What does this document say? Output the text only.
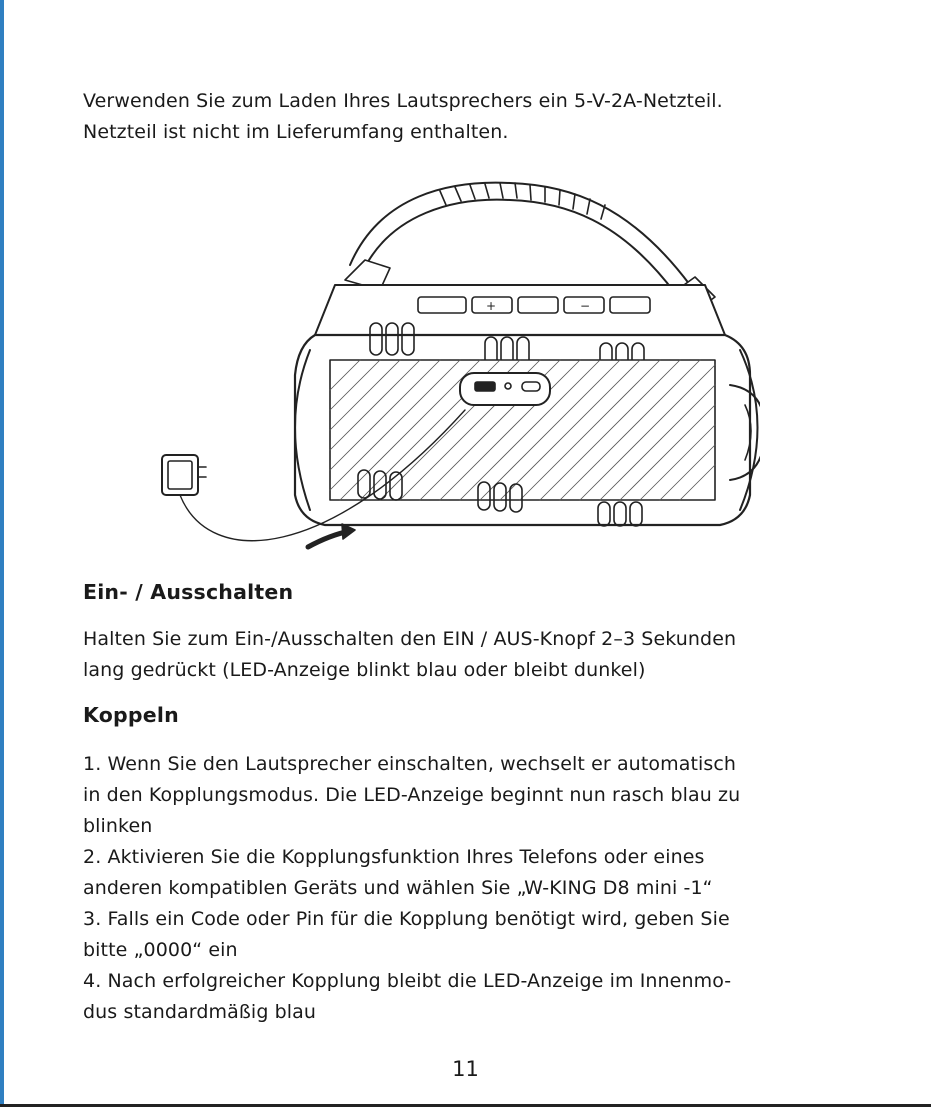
Verwenden Sie zum Laden Ihres Lautsprechers ein 5-V-2A-Netzteil.
Netzteil ist nicht im Lieferumfang enthalten.

+	−
Ein- / Ausschalten

Halten Sie zum Ein-/Ausschalten den EIN / AUS-Knopf 2–3 Sekunden
lang gedrückt (LED-Anzeige blinkt blau oder bleibt dunkel)

Koppeln

1. Wenn Sie den Lautsprecher einschalten, wechselt er automatisch
in den Kopplungsmodus. Die LED-Anzeige beginnt nun rasch blau zu
blinken
2. Aktivieren Sie die Kopplungsfunktion Ihres Telefons oder eines
anderen kompatiblen Geräts und wählen Sie „W-KING D8 mini -1“
3. Falls ein Code oder Pin für die Kopplung benötigt wird, geben Sie
bitte „0000“ ein
4. Nach erfolgreicher Kopplung bleibt die LED-Anzeige im Innenmo-
dus standardmäßig blau

11
